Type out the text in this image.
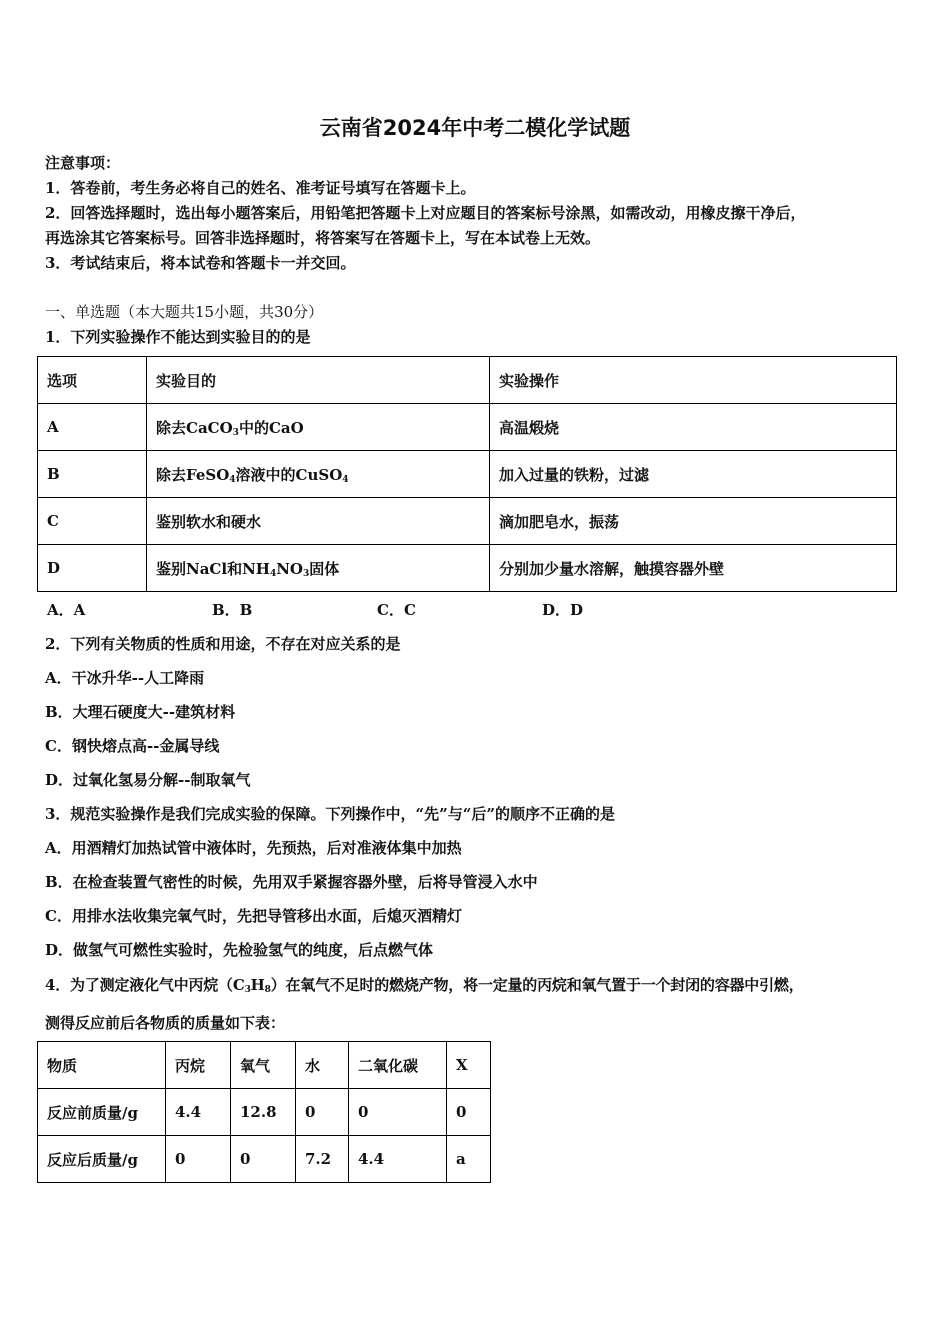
云南省2024年中考二模化学试题
注意事项：
1．答卷前，考生务必将自己的姓名、准考证号填写在答题卡上。
2．回答选择题时，选出每小题答案后，用铅笔把答题卡上对应题目的答案标号涂黑，如需改动，用橡皮擦干净后，
再选涂其它答案标号。回答非选择题时，将答案写在答题卡上，写在本试卷上无效。
3．考试结束后，将本试卷和答题卡一并交回。
一、单选题（本大题共15小题，共30分）
1．下列实验操作不能达到实验目的的是
选项	实验目的	实验操作
A	除去CaCO$_3$中的CaO	高温煅烧
B	除去FeSO$_4$溶液中的CuSO$_4$	加入过量的铁粉，过滤
C	鉴别软水和硬水	滴加肥皂水，振荡
D	鉴别NaCl和$NH_4NO_3$固体	分别加少量水溶解，触摸容器外壁
A．A	B．B	C．C	D．D
2．下列有关物质的性质和用途，不存在对应关系的是
A．干冰升华--人工降雨
B．大理石硬度大--建筑材料
C．钢快熔点高--金属导线
D．过氧化氢易分解--制取氧气
3．规范实验操作是我们完成实验的保障。下列操作中，“先”与“后”的顺序不正确的是
A．用酒精灯加热试管中液体时，先预热，后对准液体集中加热
B．在检查装置气密性的时候，先用双手紧握容器外壁，后将导管浸入水中
C．用排水法收集完氧气时，先把导管移出水面，后熄灭酒精灯
D．做氢气可燃性实验时，先检验氢气的纯度，后点燃气体
4．为了测定液化气中丙烷$(C_3H_8)$在氧气不足时的燃烧产物，将一定量的丙烷和氧气置于一个封闭的容器中引燃，
测得反应前后各物质的质量如下表：
物质	丙烷	氧气	水	二氧化碳	X
反应前质量/g	4.4	12.8	0	0	0
反应后质量/g	0	0	7.2	4.4	a
